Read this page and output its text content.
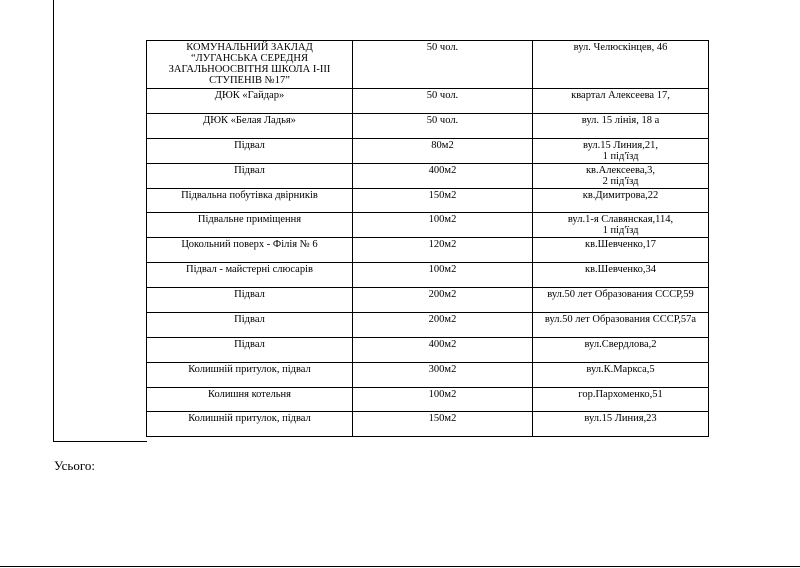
КОМУНАЛЬНИЙ ЗАКЛАД
“ЛУГАНСЬКА СЕРЕДНЯ
ЗАГАЛЬНООСВІТНЯ ШКОЛА І-ІІІ
СТУПЕНІВ №17”	50 чол.	вул. Челюскінцев, 46
ДЮК «Гайдар»	50 чол.	квартал Алексеева 17,
ДЮК «Белая Ладья»	50 чол.	вул. 15 лінія, 18 а
Підвал	80м2	вул.15 Линия,21,
1 під'їзд
Підвал	400м2	кв.Алексеева,3,
2 під'їзд
Підвальна побутівка двірників	150м2	кв.Димитрова,22
Підвальне приміщення	100м2	вул.1-я Славянская,114,
1 під'їзд
Цокольний поверх - Філія № 6	120м2	кв.Шевченко,17
Підвал - майстерні слюсарів	100м2	кв.Шевченко,34
Підвал	200м2	вул.50 лет Образования СССР,59
Підвал	200м2	вул.50 лет Образования СССР,57а
Підвал	400м2	вул.Свердлова,2
Колишній притулок, підвал	300м2	вул.К.Маркса,5
Колишня котельня	100м2	гор.Пархоменко,51
Колишній притулок, підвал	150м2	вул.15 Линия,23
Усього:
